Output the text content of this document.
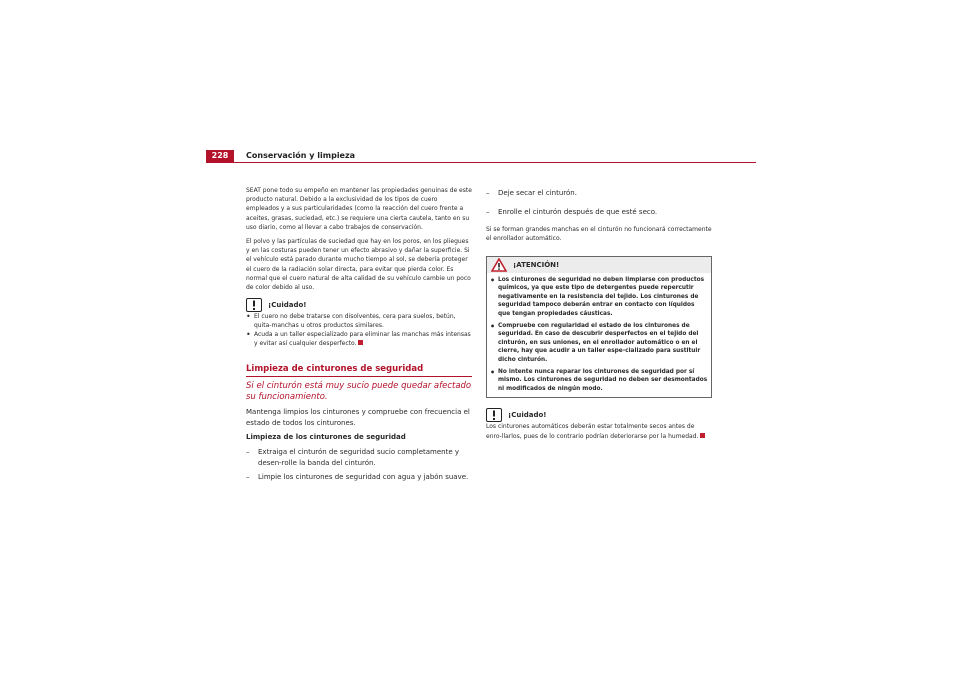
228	Conservación y limpieza

SEAT pone todo su empeño en mantener las propiedades genuinas de este producto natural. Debido a la exclusividad de los tipos de cuero empleados y a sus particularidades (como la reacción del cuero frente a aceites, grasas, suciedad, etc.) se requiere una cierta cautela, tanto en su uso diario, como al llevar a cabo trabajos de conservación.

El polvo y las partículas de suciedad que hay en los poros, en los pliegues y en las costuras pueden tener un efecto abrasivo y dañar la superficie. Si el vehículo está parado durante mucho tiempo al sol, se debería proteger el cuero de la radiación solar directa, para evitar que pierda color. Es normal que el cuero natural de alta calidad de su vehículo cambie un poco de color debido al uso.

¡Cuidado!
• El cuero no debe tratarse con disolventes, cera para suelos, betún, quita-manchas u otros productos similares.
• Acuda a un taller especializado para eliminar las manchas más intensas y evitar así cualquier desperfecto.
Limpieza de cinturones de seguridad
Si el cinturón está muy sucio puede quedar afectado su funcionamiento.

Mantenga limpios los cinturones y compruebe con frecuencia el estado de todos los cinturones.

Limpieza de los cinturones de seguridad
–	Extraiga el cinturón de seguridad sucio completamente y desen-rolle la banda del cinturón.
–	Limpie los cinturones de seguridad con agua y jabón suave.
–	Deje secar el cinturón.
–	Enrolle el cinturón después de que esté seco.

Si se forman grandes manchas en el cinturón no funcionará correctamente el enrollador automático.

¡ATENCIÓN!
• Los cinturones de seguridad no deben limpiarse con productos químicos, ya que este tipo de detergentes puede repercutir negativamente en la resistencia del tejido. Los cinturones de seguridad tampoco deberán entrar en contacto con líquidos que tengan propiedades cáusticas.
• Compruebe con regularidad el estado de los cinturones de seguridad. En caso de descubrir desperfectos en el tejido del cinturón, en sus uniones, en el enrollador automático o en el cierre, hay que acudir a un taller espe-cializado para sustituir dicho cinturón.
• No intente nunca reparar los cinturones de seguridad por sí mismo. Los cinturones de seguridad no deben ser desmontados ni modificados de ningún modo.
¡Cuidado!

Los cinturones automáticos deberán estar totalmente secos antes de enro-llarlos, pues de lo contrario podrían deteriorarse por la humedad.
